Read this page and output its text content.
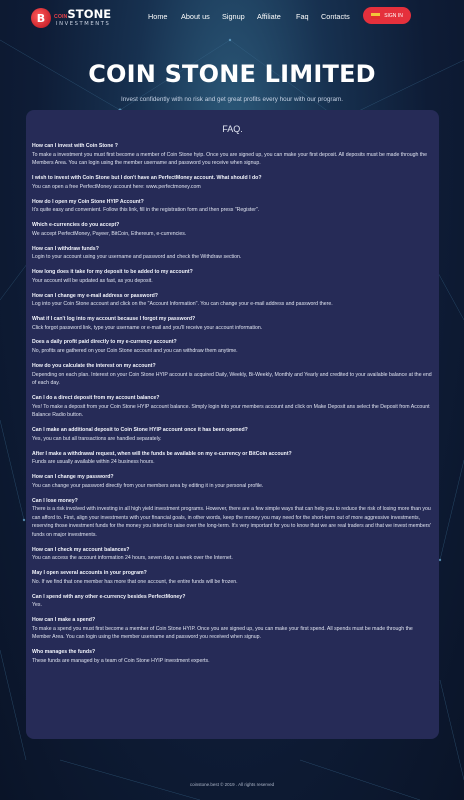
B	COINSTONE
INVESTMENTS
Home About us Signup Affiliate Faq Contacts	SIGN IN
COIN STONE LIMITED
Invest confidently with no risk and get great profits every hour with our program.
FAQ.
How can I invest with Coin Stone ?
To make a investment you must first become a member of Coin Stone hyip. Once you are signed up, you can make your first deposit. All deposits must be made through the Members Area. You can login using the member username and password you receive when signup.
I wish to invest with Coin Stone but I don't have an PerfectMoney account. What should I do?
You can open a free PerfectMoney account here: www.perfectmoney.com
How do I open my Coin Stone HYIP Account?
It's quite easy and convenient. Follow this link, fill in the registration form and then press "Register".
Which e-currencies do you accept?
We accept PerfectMoney, Payeer, BitCoin, Ethereum, e-currencies.
How can I withdraw funds?
Login to your account using your username and password and check the Withdraw section.
How long does it take for my deposit to be added to my account?
Your account will be updated as fast, as you deposit.
How can I change my e-mail address or password?
Log into your Coin Stone account and click on the "Account Information". You can change your e-mail address and password there.
What if I can't log into my account because I forgot my password?
Click forgot password link, type your username or e-mail and you'll receive your account information.
Does a daily profit paid directly to my e-currency account?
No, profits are gathered on your Coin Stone account and you can withdraw them anytime.
How do you calculate the interest on my account?
Depending on each plan. Interest on your Coin Stone HYIP account is acquired Daily, Weekly, Bi-Weekly, Monthly and Yearly and credited to your available balance at the end of each day.
Can I do a direct deposit from my account balance?
Yes! To make a deposit from your Coin Stone HYIP account balance. Simply login into your members account and click on Make Deposit ans select the Deposit from Account Balance Radio button.
Can I make an additional deposit to Coin Stone HYIP account once it has been opened?
Yes, you can but all transactions are handled separately.
After I make a withdrawal request, when will the funds be available on my e-currency or BitCoin account?
Funds are usually available within 24 business hours.
How can I change my password?
You can change your password directly from your members area by editing it in your personal profile.
Can I lose money?
There is a risk involved with investing in all high yield investment programs. However, there are a few simple ways that can help you to reduce the risk of losing more than you can afford to. First, align your investments with your financial goals, in other words, keep the money you may need for the short-term out of more aggressive investments, reserving those investment funds for the money you intend to raise over the long-term. It's very important for you to know that we are real traders and that we invest members' funds on major investments.
How can I check my account balances?
You can access the account information 24 hours, seven days a week over the Internet.
May I open several accounts in your program?
No. If we find that one member has more that one account, the entire funds will be frozen.
Can I spend with any other e-currency besides PerfectMoney?
Yes.
How can I make a spend?
To make a spend you must first become a member of Coin Stone HYIP. Once you are signed up, you can make your first spend. All spends must be made through the Member Area. You can login using the member username and password you received when signup.
Who manages the funds?
These funds are managed by a team of Coin Stone HYIP investment experts.
coinstone.best © 2019 . All rights reserved
